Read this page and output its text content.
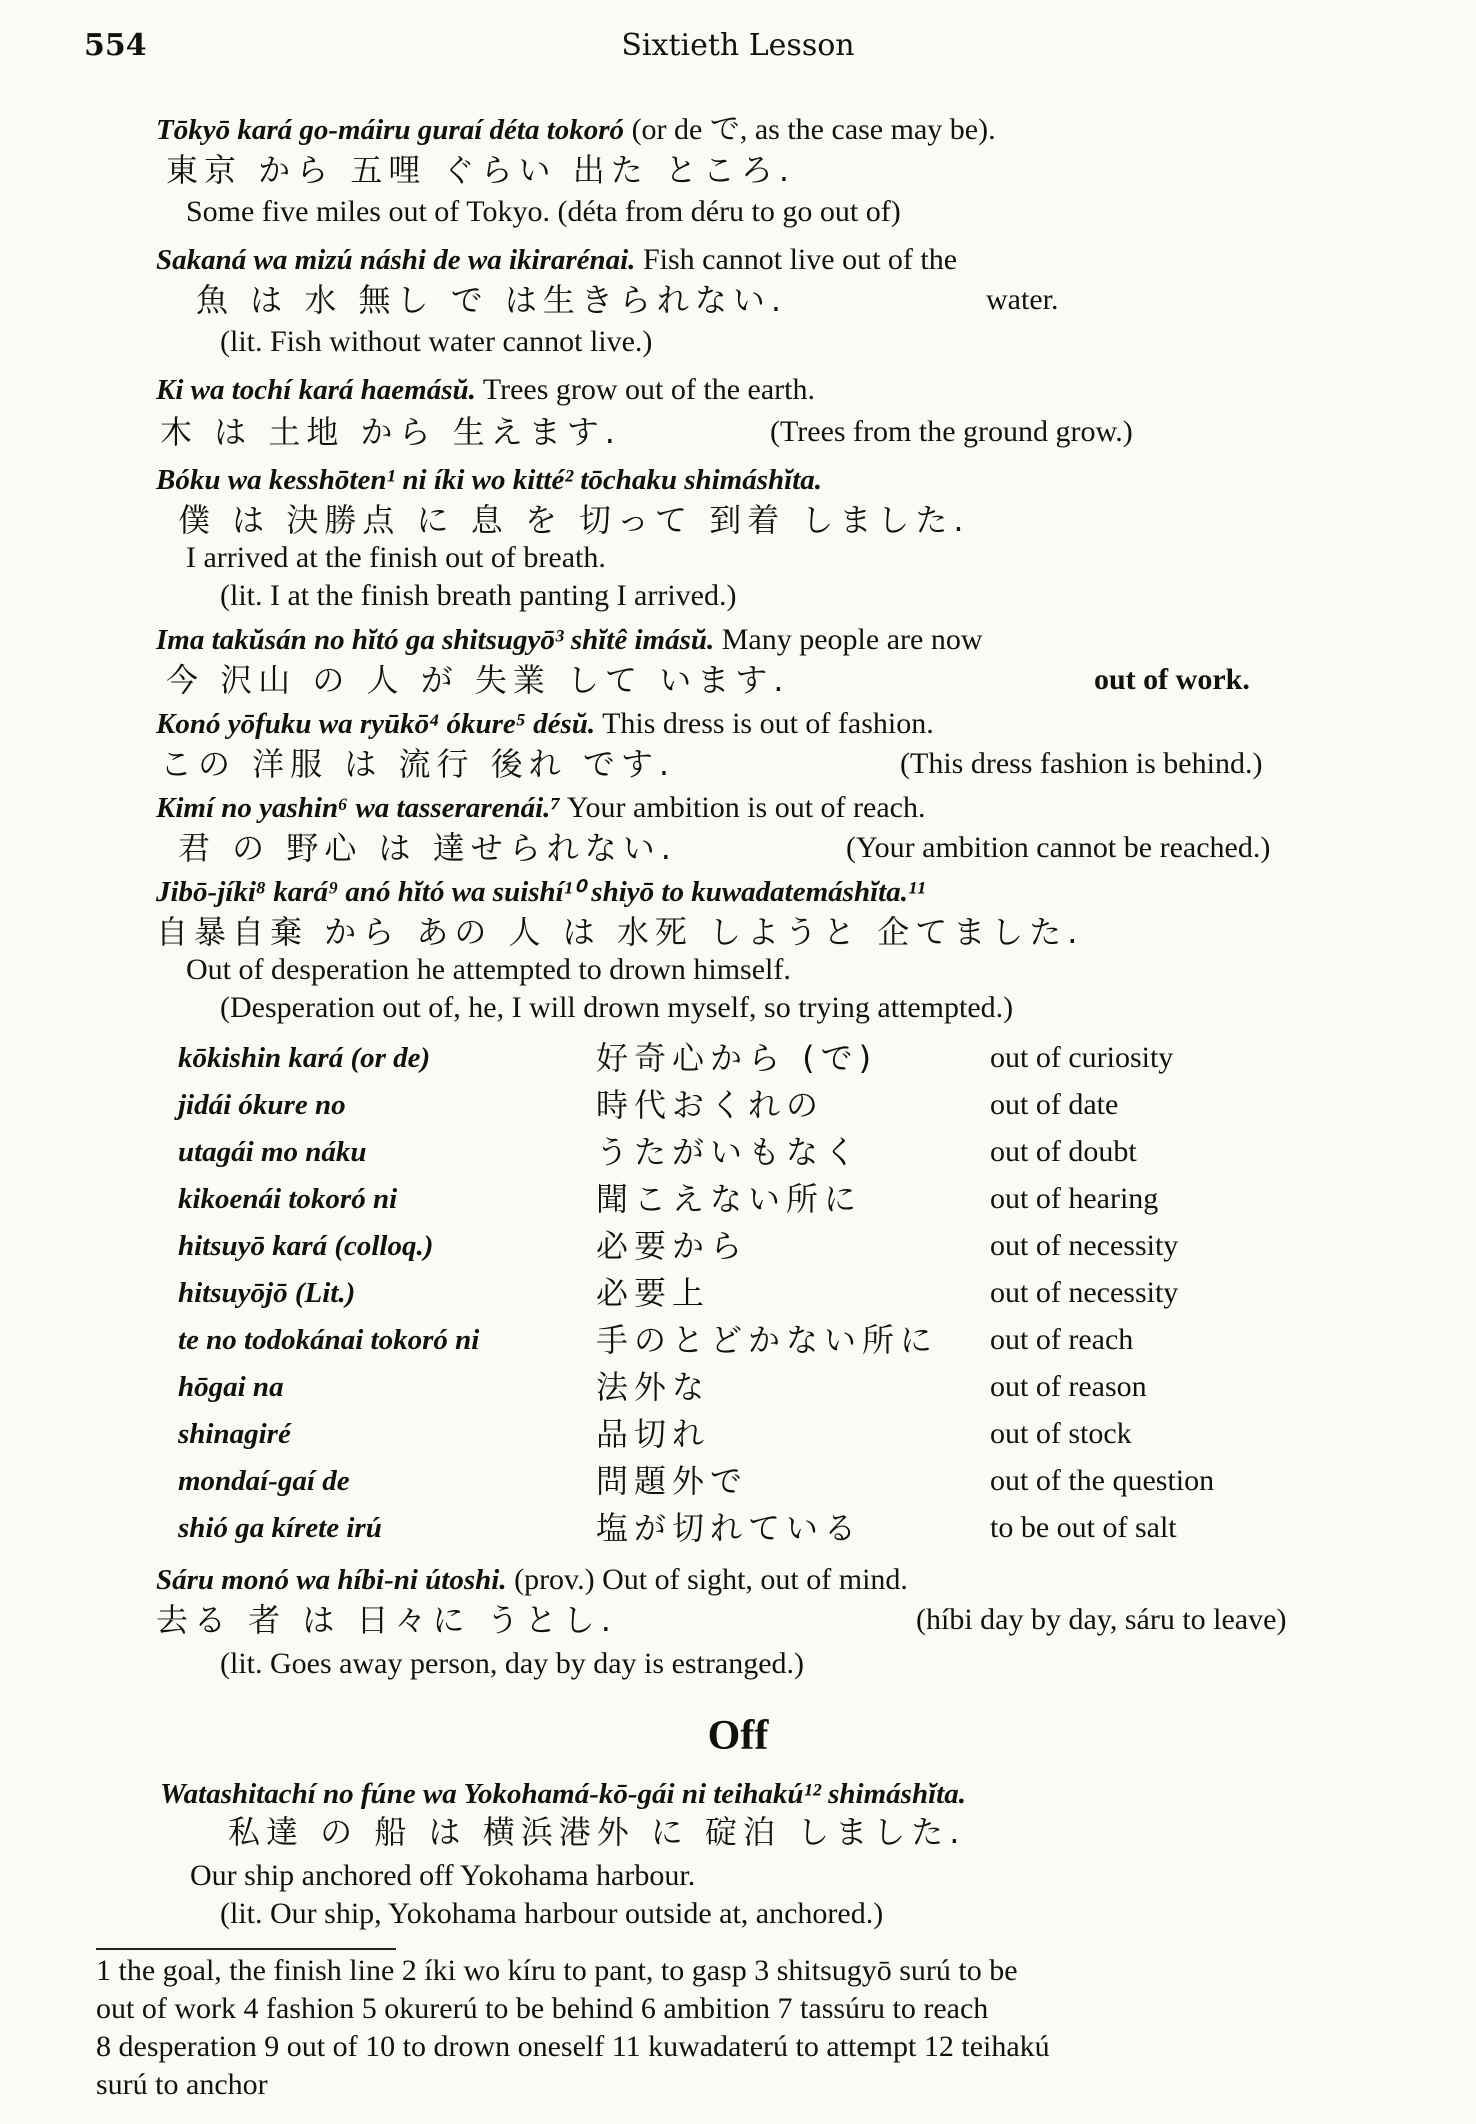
554	Sixtieth Lesson
Tōkyō kará go-máiru guraí déta tokoró (or de で, as the case may be).
東京 から 五哩 ぐらい 出た ところ.
Some five miles out of Tokyo. (déta from déru to go out of)
Sakaná wa mizú náshi de wa ikirarénai. Fish cannot live out of the
魚 は 水 無し で は生きられない.	water.
(lit. Fish without water cannot live.)
Ki wa tochí kará haemásŭ. Trees grow out of the earth.
木 は 土地 から 生えます.	(Trees from the ground grow.)
Bóku wa kesshōten¹ ni íki wo kitté² tōchaku shimáshĭta.
僕 は 決勝点 に 息 を 切って 到着 しました.
I arrived at the finish out of breath.
(lit. I at the finish breath panting I arrived.)
Ima takŭsán no hĭtó ga shitsugyō³ shĭtê imásŭ. Many people are now
今 沢山 の 人 が 失業 して います.	out of work.
Konó yōfuku wa ryūkō⁴ ókure⁵ désŭ. This dress is out of fashion.
この 洋服 は 流行 後れ です.	(This dress fashion is behind.)
Kimí no yashin⁶ wa tasserarenái.⁷ Your ambition is out of reach.
君 の 野心 は 達せられない.	(Your ambition cannot be reached.)
Jibō-jíki⁸ kará⁹ anó hĭtó wa suishí¹⁰ shiyō to kuwadatemáshĭta.¹¹
自暴自棄 から あの 人 は 水死 しようと 企てました.
Out of desperation he attempted to drown himself.
(Desperation out of, he, I will drown myself, so trying attempted.)
kōkishin kará (or de)	好奇心から (で)	out of curiosity
jidái ókure no	時代おくれの	out of date
utagái mo náku	うたがいもなく	out of doubt
kikoenái tokoró ni	聞こえない所に	out of hearing
hitsuyō kará (colloq.)	必要から	out of necessity
hitsuyōjō (Lit.)	必要上	out of necessity
te no todokánai tokoró ni	手のとどかない所に out of reach
hōgai na	法外な	out of reason
shinagiré	品切れ	out of stock
mondaí-gaí de	問題外で	out of the question
shió ga kírete irú	塩が切れている	to be out of salt
Sáru monó wa híbi-ni útoshi. (prov.) Out of sight, out of mind.
去る 者 は 日々に うとし.	(híbi day by day, sáru to leave)
(lit. Goes away person, day by day is estranged.)
Off
Watashitachí no fúne wa Yokohamá-kō-gái ni teihakú¹² shimáshĭta.
私達 の 船 は 横浜港外 に 碇泊 しました.
Our ship anchored off Yokohama harbour.
(lit. Our ship, Yokohama harbour outside at, anchored.)
1 the goal, the finish line 2 íki wo kíru to pant, to gasp 3 shitsugyō surú to be
out of work 4 fashion 5 okurerú to be behind 6 ambition 7 tassúru to reach
8 desperation 9 out of 10 to drown oneself 11 kuwadaterú to attempt 12 teihakú
surú to anchor
